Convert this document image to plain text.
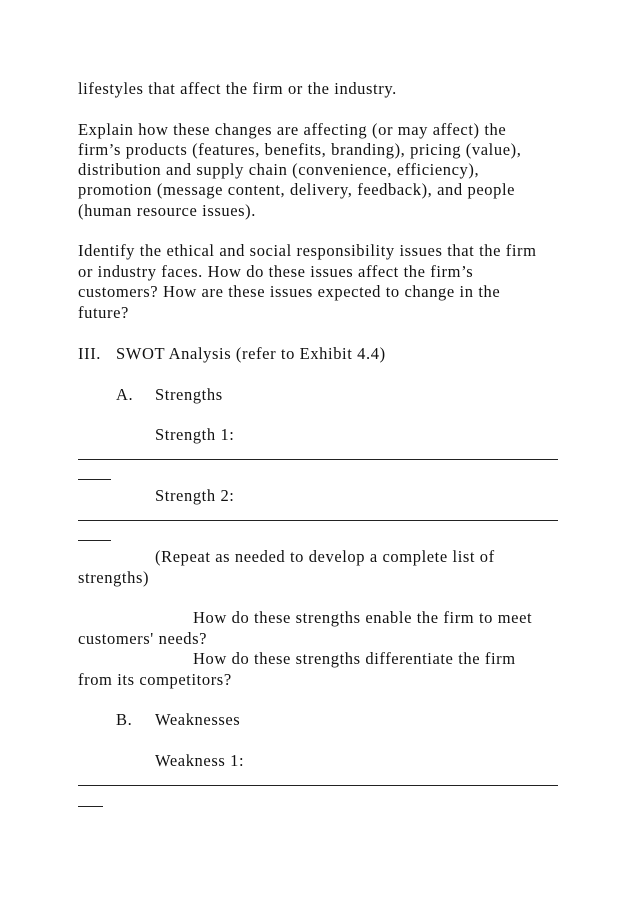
lifestyles that affect the firm or the industry.
Explain how these changes are affecting (or may affect) the
firm’s products (features, benefits, branding), pricing (value),
distribution and supply chain (convenience, efficiency),
promotion (message content, delivery, feedback), and people
(human resource issues).
Identify the ethical and social responsibility issues that the firm
or industry faces. How do these issues affect the firm’s
customers? How are these issues expected to change in the
future?
III. SWOT Analysis (refer to Exhibit 4.4)
A. Strengths
Strength 1:
Strength 2:
(Repeat as needed to develop a complete list of
strengths)
How do these strengths enable the firm to meet
customers' needs?
How do these strengths differentiate the firm
from its competitors?
B. Weaknesses
Weakness 1:
